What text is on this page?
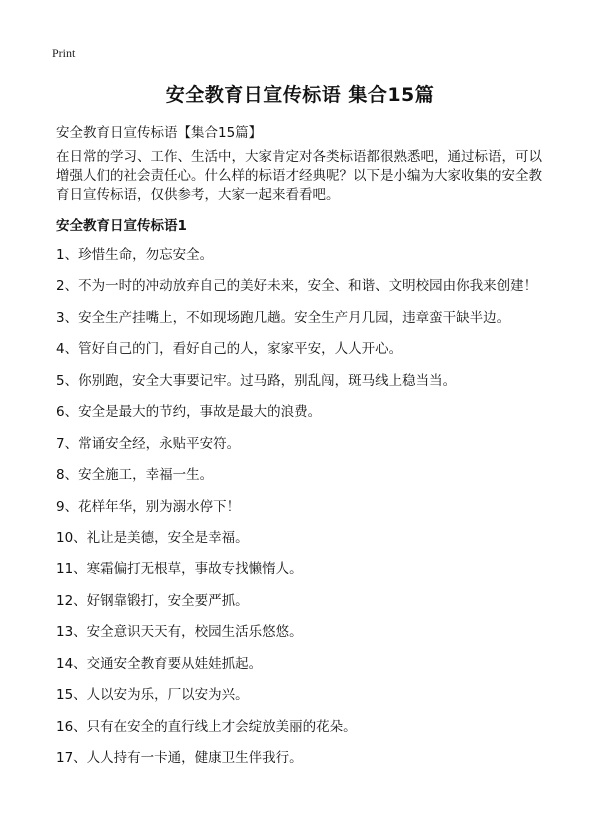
Print
安全教育日宣传标语 集合15篇
安全教育日宣传标语【集合15篇】
在日常的学习、工作、生活中，大家肯定对各类标语都很熟悉吧，通过标语，可以增强人们的社会责任心。什么样的标语才经典呢？以下是小编为大家收集的安全教育日宣传标语，仅供参考，大家一起来看看吧。
安全教育日宣传标语1
1、珍惜生命，勿忘安全。
2、不为一时的冲动放弃自己的美好未来，安全、和谐、文明校园由你我来创建！
3、安全生产挂嘴上，不如现场跑几趟。安全生产月几园，违章蛮干缺半边。
4、管好自己的门，看好自己的人，家家平安，人人开心。
5、你别跑，安全大事要记牢。过马路，别乱闯，斑马线上稳当当。
6、安全是最大的节约，事故是最大的浪费。
7、常诵安全经，永贴平安符。
8、安全施工，幸福一生。
9、花样年华，别为溺水停下！
10、礼让是美德，安全是幸福。
11、寒霜偏打无根草，事故专找懒惰人。
12、好钢靠锻打，安全要严抓。
13、安全意识天天有，校园生活乐悠悠。
14、交通安全教育要从娃娃抓起。
15、人以安为乐，厂以安为兴。
16、只有在安全的直行线上才会绽放美丽的花朵。
17、人人持有一卡通，健康卫生伴我行。
